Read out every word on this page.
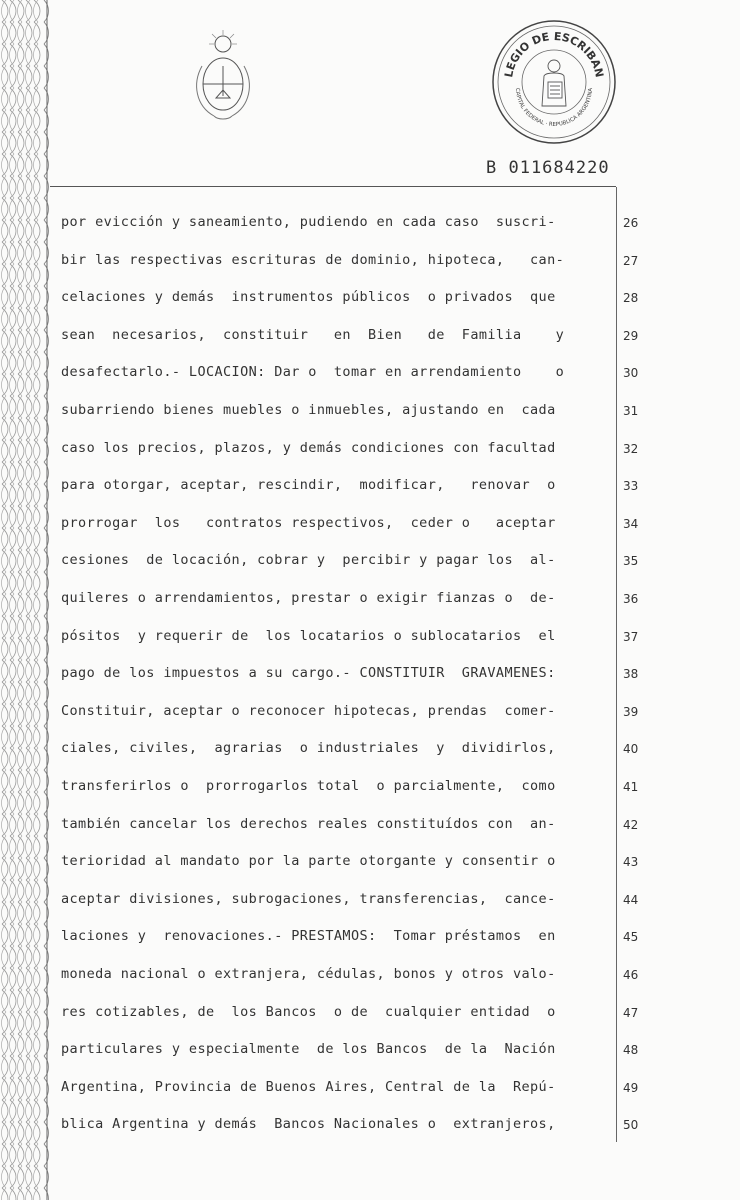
LEGIO DE ESCRIBAN
CAPITAL FEDERAL · REPUBLICA ARGENTINA
B 011684220
por evicción y saneamiento, pudiendo en cada caso  suscri-	26
bir las respectivas escrituras de dominio, hipoteca,   can-	27
celaciones y demás  instrumentos públicos  o privados  que	28
sean  necesarios,  constituir   en  Bien   de  Familia    y	29
desafectarlo.- LOCACION: Dar o  tomar en arrendamiento    o	30
subarriendo bienes muebles o inmuebles, ajustando en  cada	31
caso los precios, plazos, y demás condiciones con facultad	32
para otorgar, aceptar, rescindir,  modificar,   renovar  o	33
prorrogar  los   contratos respectivos,  ceder o   aceptar	34
cesiones  de locación, cobrar y  percibir y pagar los  al-	35
quileres o arrendamientos, prestar o exigir fianzas o  de-	36
pósitos  y requerir de  los locatarios o sublocatarios  el	37
pago de los impuestos a su cargo.- CONSTITUIR  GRAVAMENES:	38
Constituir, aceptar o reconocer hipotecas, prendas  comer-	39
ciales, civiles,  agrarias  o industriales  y  dividirlos,	40
transferirlos o  prorrogarlos total  o parcialmente,  como	41
también cancelar los derechos reales constituídos con  an-	42
terioridad al mandato por la parte otorgante y consentir o	43
aceptar divisiones, subrogaciones, transferencias,  cance-	44
laciones y  renovaciones.- PRESTAMOS:  Tomar préstamos  en	45
moneda nacional o extranjera, cédulas, bonos y otros valo-	46
res cotizables, de  los Bancos  o de  cualquier entidad  o	47
particulares y especialmente  de los Bancos  de la  Nación	48
Argentina, Provincia de Buenos Aires, Central de la  Repú-	49
blica Argentina y demás  Bancos Nacionales o  extranjeros,	50
